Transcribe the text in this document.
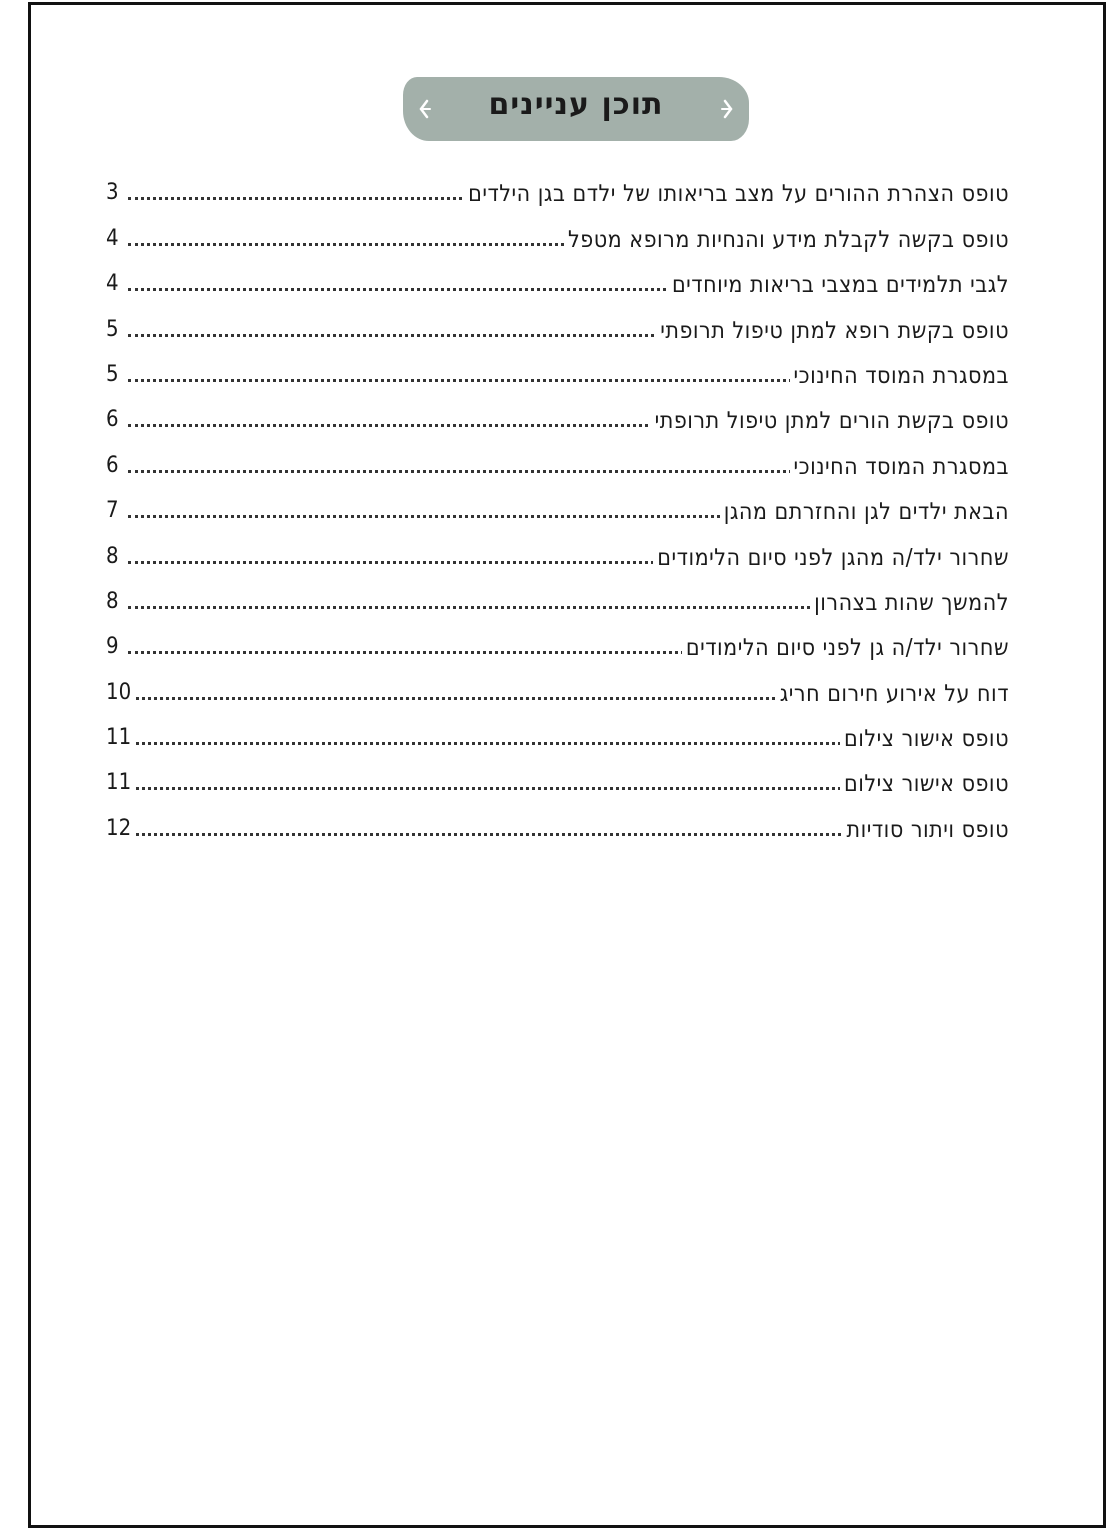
תוכן עניינים
3	טופס הצהרת ההורים על מצב בריאותו של ילדם בגן הילדים
4	טופס בקשה לקבלת מידע והנחיות מרופא מטפל
4	לגבי תלמידים במצבי בריאות מיוחדים
5	טופס בקשת רופא למתן טיפול תרופתי
5	במסגרת המוסד החינוכי
6	טופס בקשת הורים למתן טיפול תרופתי
6	במסגרת המוסד החינוכי
7	הבאת ילדים לגן והחזרתם מהגן
8	שחרור ילד/ה מהגן לפני סיום הלימודים
8	להמשך שהות בצהרון
9	שחרור ילד/ה גן לפני סיום הלימודים
10	דוח על אירוע חירום חריג
11	טופס אישור צילום
11	טופס אישור צילום
12	טופס ויתור סודיות
